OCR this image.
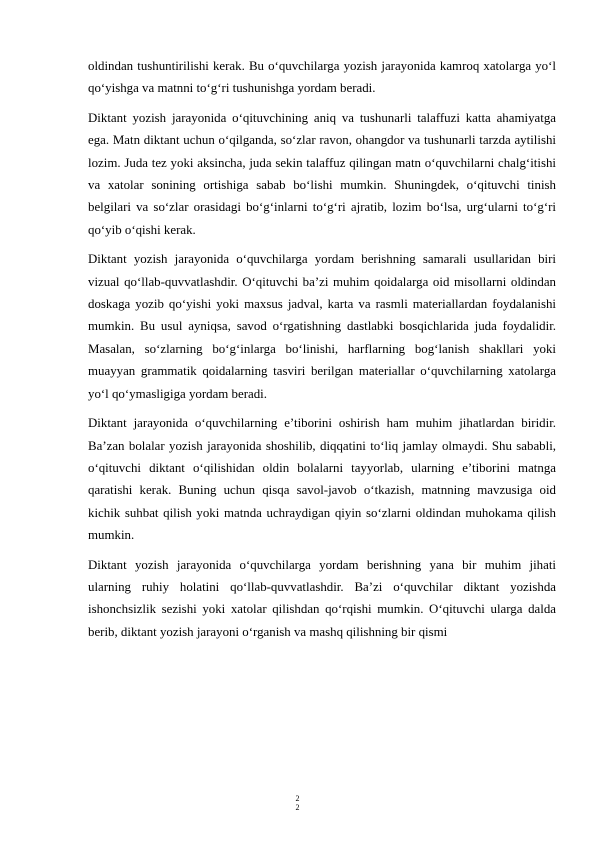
oldindan tushuntirilishi kerak. Bu o‘quvchilarga yozish jarayonida kamroq xatolarga yo‘l qo‘yishga va matnni to‘g‘ri tushunishga yordam beradi.

Diktant yozish jarayonida o‘qituvchining aniq va tushunarli talaffuzi katta ahamiyatga ega. Matn diktant uchun o‘qilganda, so‘zlar ravon, ohangdor va tushunarli tarzda aytilishi lozim. Juda tez yoki aksincha, juda sekin talaffuz qilingan matn o‘quvchilarni chalg‘itishi va xatolar sonining ortishiga sabab bo‘lishi mumkin. Shuningdek, o‘qituvchi tinish belgilari va so‘zlar orasidagi bo‘g‘inlarni to‘g‘ri ajratib, lozim bo‘lsa, urg‘ularni to‘g‘ri qo‘yib o‘qishi kerak.

Diktant yozish jarayonida o‘quvchilarga yordam berishning samarali usullaridan biri vizual qo‘llab-quvvatlashdir. O‘qituvchi ba’zi muhim qoidalarga oid misollarni oldindan doskaga yozib qo‘yishi yoki maxsus jadval, karta va rasmli materiallardan foydalanishi mumkin. Bu usul ayniqsa, savod o‘rgatishning dastlabki bosqichlarida juda foydalidir. Masalan, so‘zlarning bo‘g‘inlarga bo‘linishi, harflarning bog‘lanish shakllari yoki muayyan grammatik qoidalarning tasviri berilgan materiallar o‘quvchilarning xatolarga yo‘l qo‘ymasligiga yordam beradi.

Diktant jarayonida o‘quvchilarning e’tiborini oshirish ham muhim jihatlardan biridir. Ba’zan bolalar yozish jarayonida shoshilib, diqqatini to‘liq jamlay olmaydi. Shu sababli, o‘qituvchi diktant o‘qilishidan oldin bolalarni tayyorlab, ularning e’tiborini matnga qaratishi kerak. Buning uchun qisqa savol-javob o‘tkazish, matnning mavzusiga oid kichik suhbat qilish yoki matnda uchraydigan qiyin so‘zlarni oldindan muhokama qilish mumkin.

Diktant yozish jarayonida o‘quvchilarga yordam berishning yana bir muhim jihati ularning ruhiy holatini qo‘llab-quvvatlashdir. Ba’zi o‘quvchilar diktant yozishda ishonchsizlik sezishi yoki xatolar qilishdan qo‘rqishi mumkin. O‘qituvchi ularga dalda berib, diktant yozish jarayoni o‘rganish va mashq qilishning bir qismi

2
2
